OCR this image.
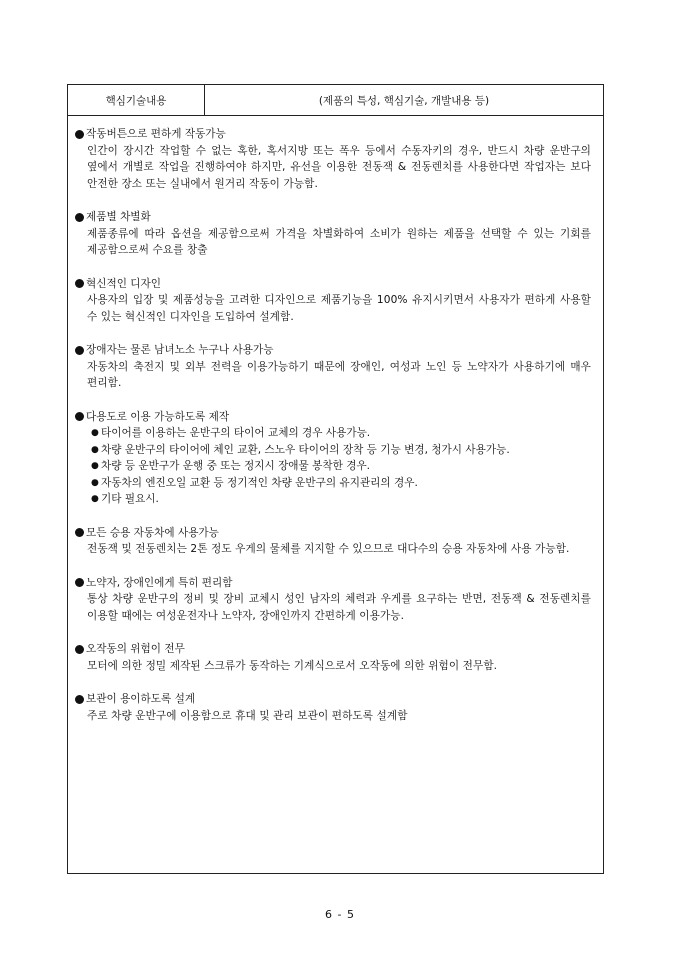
핵심기술내용	(제품의 특성, 핵심기술, 개발내용 등)
작동버튼으로 편하게 작동가능
인간이 장시간 작업할 수 없는 혹한, 혹서지방 또는 폭우 등에서 수동자키의 경우, 반드시 차량 운반구의 옆에서 개별로 작업을 진행하여야 하지만, 유선을 이용한 전동잭 & 전동렌치를 사용한다면 작업자는 보다 안전한 장소 또는 실내에서 원거리 작동이 가능함.
제품별 차별화
제품종류에 따라 옵션을 제공함으로써 가격을 차별화하여 소비가 원하는 제품을 선택할 수 있는 기회를 제공함으로써 수요를 창출
혁신적인 디자인
사용자의 입장 및 제품성능을 고려한 디자인으로 제품기능을 100% 유지시키면서 사용자가 편하게 사용할 수 있는 혁신적인 디자인을 도입하여 설계함.
장애자는 물론 남녀노소 누구나 사용가능
자동차의 축전지 및 외부 전력을 이용가능하기 때문에 장애인, 여성과 노인 등 노약자가 사용하기에 매우 편리함.
다용도로 이용 가능하도록 제작
● 타이어를 이용하는 운반구의 타이어 교체의 경우 사용가능.
● 차량 운반구의 타이어에 체인 교환, 스노우 타이어의 장착 등 기능 변경, 청가시 사용가능.
● 차량 등 운반구가 운행 중 또는 정지시 장애물 봉착한 경우.
● 자동차의 엔진오일 교환 등 정기적인 차량 운반구의 유지관리의 경우.
● 기타 필요시.
모든 승용 자동차에 사용가능
전동잭 및 전동렌치는 2톤 정도 우게의 물체를 지지할 수 있으므로 대다수의 승용 자동차에 사용 가능함.
노약자, 장애인에게 특히 편리함
통상 차량 운반구의 정비 및 장비 교체시 성인 남자의 체력과 우게를 요구하는 반면, 전동잭 & 전동렌치를 이용할 때에는 여성운전자나 노약자, 장애인까지 간편하게 이용가능.
오작동의 위험이 전무
모터에 의한 정밀 제작된 스크류가 동작하는 기계식으로서 오작동에 의한 위험이 전무함.
보관이 용이하도록 설계
주로 차량 운반구에 이용함으로 휴대 및 관리 보관이 편하도록 설계함
6 - 5
